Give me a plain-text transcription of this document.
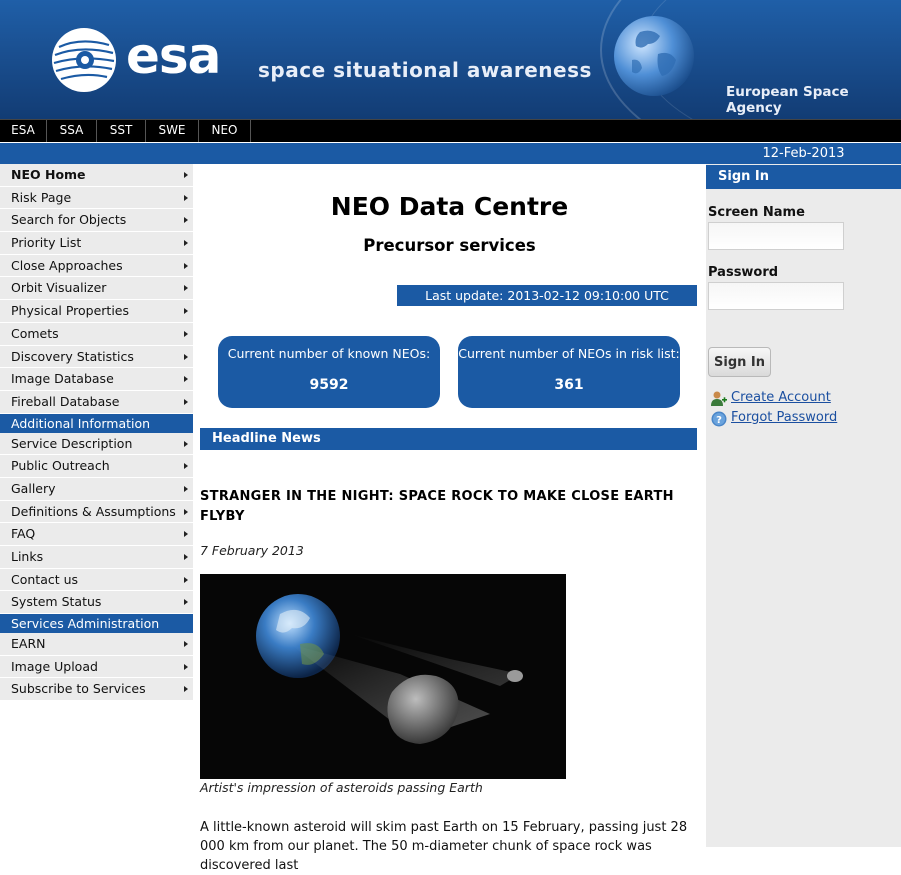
esa space situational awareness
European Space Agency
ESA	SSA	SST	SWE	NEO
NEO Home
Risk Page
Search for Objects
Priority List
Close Approaches
Orbit Visualizer
Physical Properties
Comets
Discovery Statistics
Image Database
Fireball Database
Additional Information
Service Description
Public Outreach
Gallery
Definitions & Assumptions
FAQ
Links
Contact us
System Status
Services Administration
EARN
Image Upload
Subscribe to Services
NEO Data Centre
Precursor services
Last update: 2013-02-12 09:10:00 UTC
Current number of known NEOs:
9592
Current number of NEOs in risk list:
361
Headline News
STRANGER IN THE NIGHT: SPACE ROCK TO MAKE CLOSE EARTH FLYBY
7 February 2013
Artist's impression of asteroids passing Earth
A little-known asteroid will skim past Earth on 15 February, passing just 28 000 km from our planet. The 50 m-diameter chunk of space rock was discovered last
12-Feb-2013
Sign In
Screen Name
Password
Sign In
Create Account
? Forgot Password
